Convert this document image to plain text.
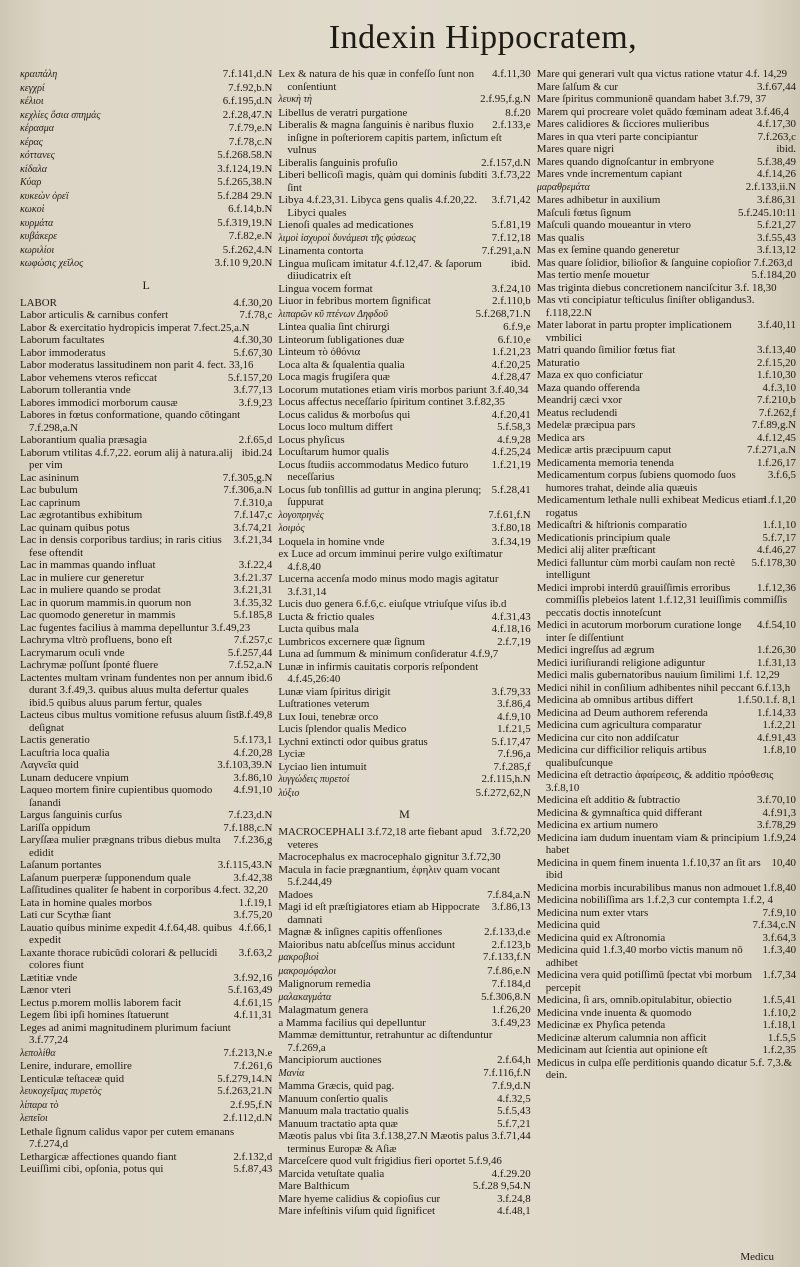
Indexin Hippocratem,
7.f.141,d.N
κραιπάλη
7.f.92,b.N
κεγχρί
6.f.195,d.N
κέλιοι
2.f.28,47.N
κεχλίες ὅσια σπημάς
7.f.79,e.N
κέρασμα
7.f.78,c.N
κέρας
5.f.268.58.N
κόττανες
3.f.124,19.N
κίδαλα
5.f.265,38.N
Κύαρ
5.f.284 29.N
κυκεὼν ὀρεϊ
6.f.14,b.N
κωκοὶ
5.f.319,19.N
κυρμάτα
7.f.82,e.N
κυβάκερε
5.f.262,4.N
κωριλίοι
3.f.10 9,20.N
κωφώσις χεῖλος
L
4.f.30,20
LABOR
7.f.78,c
Labor articulis & carnibus confert
Labor & exercitatio hydropicis imperat 7.fect.25,a.N
4.f.30,30
Laborum facultates
5.f.67,30
Labor immoderatus
Labor moderatus lassitudinem non parit 4. fect. 33,16
5.f.157,20
Labor vehemens vteros reficcat
3.f.77,13
Laborum tollerantia vnde
3.f.9,23
Labores immodici morborum causæ
Labores in fœtus conformatione, quando cōtingant 7.f.298,a.N
2.f.65,d
Laborantium qualia præsagia
ibid.24
Laborum vtilitas 4.f.7,22. eorum alij à natura.alij per vim
7.f.305,g.N
Lac asininum
7.f.306,a.N
Lac bubulum
7.f.310,a
Lac caprinum
7.f.147,c
Lac ægrotantibus exhibitum
3.f.74,21
Lac quinam quibus potus
3.f.21,34
Lac in densis corporibus tardius; in raris citius fese oftendit
3.f.22,4
Lac in mammas quando influat
3.f.21.37
Lac in muliere cur generetur
3.f.21,31
Lac in muliere quando se prodat
3.f.35,32
Lac in quorum mammis.in quorum non
5.f.185,8
Lac quomodo generetur in mammis
Lac fugentes facilius à mamma depelluntur 3.f.49,23
7.f.257,c
Lachryma vltrò profluens, bono eſt
5.f.257,44
Lacrymarum oculi vnde
7.f.52,a.N
Lachrymæ poſſunt ſponté fluere
ibid.6
Lactentes multam vrinam fundentes non per annum durant 3.f.49,3. quibus aluus multa defertur quales ibid.5 quibus aluus parum fertur, quales
3.f.49,8
Lacteus cibus multus vomitione refusus aluum ſisti deſignat
5.f.173,1
Lactis generatio
4.f.20,28
Lacuſtria loca qualia
3.f.103,39.N
Λαγνεῖα quid
3.f.86,10
Lunam deducere vnpium
4.f.91,10
Laqueo mortem finire cupientibus quomodo ſanandi
7.f.23,d.N
Largus ſanguinis curſus
7.f.188,c.N
Lariſſa oppidum
7.f.236,g
Laryſſæa mulier prægnans tribus diebus multa edidit
3.f.115,43.N
Laſanum portantes
3.f.42,38
Laſanum puerperæ ſupponendum quale
Laſſitudines qualiter ſe habent in corporibus 4.fect. 32,20
1.f.19,1
Lata in homine quales morbos
3.f.75,20
Lati cur Scythæ ſiant
4.f.66,1
Lauatio quibus minime expedit 4.f.64,48. quibus expedit
3.f.63,2
Laxante thorace rubicūdi colorari & pellucidi colores fiunt
3.f.92,16
Lætitiæ vnde
5.f.163,49
Lænor vteri
4.f.61,15
Lectus p.morem mollis laborem facit
4.f.11,31
Legem ſibi ipſi homines ſtatuerunt
Leges ad animi magnitudinem plurimum faciunt 3.f.77,24
7.f.213,N.e
λεπολίθα
7.f.261,6
Lenire, indurare, emollire
5.f.279,14.N
Lenticulæ teſtaceæ quid
5.f.263,21.N
λευκοχεῖμας πυρετὸς
2.f.95,f.N
λίπαρα τὸ
2.f.112,d.N
λεπεῖοι
Lethale ſignum calidus vapor per cutem emanans 7.f.274,d
2.f.132,d
Lethargicæ affectiones quando fiant
5.f.87,43
Leuiſſimi cibi, opſonia, potus qui
4.f.11,30
Lex & natura de his quæ in confeſſo ſunt non conſentiunt
2.f.95,f.g.N
λευκὴ τὴ
8.f.20
Libellus de veratri purgatione
2.f.133,e
Liberalis & magna ſanguinis è naribus fluxio inſigne in poſteriorem capitis partem, inſictum eſt vulnus
2.f.157,d.N
Liberalis ſanguinis profuſio
3.f.73,22
Liberi bellicoſi magis, quàm qui dominis ſubditi ſint
3.f.71,42
Libya 4.f.23,31. Libyca gens qualis 4.f.20,22. Libyci quales
5.f.81,19
Lienoſi quales ad medicationes
7.f.12,18
λιμοὶ ἰσχυροὶ δυνάμεσι τῆς φύσεως
7.f.291,a.N
Linamenta contorta
ibid.
Lingua muſicam imitatur 4.f.12,47. & ſaporum diiudicatrix eſt
3.f.24,10
Lingua vocem format
2.f.110,b
Liuor in febribus mortem ſignificat
5.f.268,71.N
λιπαρῶν κῦ πτένων Δηφδοῦ
6.f.9,e
Lintea qualia ſint chirurgi
6.f.10,e
Linteorum ſubligationes duæ
1.f.21,23
Linteum τὸ ὀθόνια
4.f.20,25
Loca alta & ſqualentia qualia
4.f.28,47
Loca magis frugiſera quæ
Locorum mutationes etiam viris morbos pariunt 3.f.40,34
Locus affectus neceſſario ſpiritum continet 3.f.82,35
4.f.20,41
Locus calidus & morboſus qui
5.f.58,3
Locus loco multum differt
4.f.9,28
Locus phyſicus
4.f.25,24
Locuſtarum humor qualis
1.f.21,19
Locus ſtudiis accommodatus Medico futuro neceſſarius
5.f.28,41
Locus ſub tonſillis ad guttur in angina plerunq; ſuppurat
7.f.61,f.N
λογοπρηνὲς
3.f.80,18
λοιμὸς
3.f.34,19
Loquela in homine vnde
ex Luce ad orcum imminui perire vulgo exiſtimatur 4.f.8,40
Lucerna accenſa modo minus modo magis agitatur 3.f.31,14
Lucis duo genera 6.f.6,c. eiuſque vtriuſque viſus ib.d
4.f.31,43
Lucta & frictio quales
4.f.18,16
Lucta quibus mala
2.f.7,19
Lumbricos excernere quæ ſignum
Luna ad ſummum & minimum conſideratur 4.f.9,7
Lunæ in infirmis cauitatis corporis reſpondent 4.f.45,26:40
3.f.79,33
Lunæ viam ſpiritus dirigit
3.f.86,4
Luſtrationes veterum
4.f.9,10
Lux Ioui, tenebræ orco
1.f.21,5
Lucis ſplendor qualis Medico
5.f.17,47
Lychni extincti odor quibus gratus
7.f.96,a
Lyciæ
7.f.285,f
Lyciao lien intumuit
2.f.115,h.N
λυγγώδεις πυρετοί
5.f.272,62,N
λύξιο
M
3.f.72,20
MACROCEPHALI 3.f.72,18 arte fiebant apud veteres
Macrocephalus ex macrocephalo gignitur 3.f.72,30
Macula in facie prægnantium, ἐφηλιν quam vocant 5.f.244,49
7.f.84,a.N
Madoes
3.f.86,13
Magi id eſt præſtigiatores etiam ab Hippocrate damnati
2.f.133,d.e
Magnæ & inſignes capitis offenſiones
2.f.123,b
Maioribus natu abſceſſus minus accidunt
7.f.133,f.N
μακροβιοὶ
7.f.86,e.N
μακρομόφαλοι
7.f.184,d
Malignorum remedia
5.f.306,8.N
μαλακαγμάτα
1.f.26,20
Malagmatum genera
3.f.49,23
a Mamma facilius qui depelluntur
Mammæ demittuntur, retrahuntur ac diſtenduntur 7.f.269,a
2.f.64,h
Mancipiorum auctiones
7.f.116,f.N
Μανία
7.f.9,d.N
Mamma Græcis, quid pag.
4.f.32,5
Manuum conſertio qualis
5.f.5,43
Manuum mala tractatio qualis
5.f.7,21
Manuum tractatio apta quæ
3.f.71,44
Mæotis palus vbi ſita 3.f.138,27.N Mæotis palus terminus Europæ & Aſiæ
Marceſcere quod vult frigidius fieri oportet 5.f.9,46
4.f.29.20
Marcida vetuſtate qualia
5.f.28 9,54.N
Mare Balthicum
3.f.24,8
Mare hyeme calidius & copioſius cur
4.f.48,1
Mare infeſtinis viſum quid ſignificet
Mare qui generari vult qua victus ratione vtatur 4.f. 14,29
3.f.67,44
Mare ſalſum & cur
Mare ſpiritus communionē quandam habet 3.f.79, 37
Marem qui procreare volet quādo fœminam adeat 3.f.46,4
4.f.17,30
Mares calidiores & ſicciores mulieribus
7.f.263,c
Mares in qua vteri parte concipiantur
ibid.
Mares quare nigri
5.f.38,49
Mares quando dignoſcantur in embryone
4.f.14,26
Mares vnde incrementum capiant
2.f.133,ii.N
μαραθρεμάτα
3.f.86,31
Mares adhibetur in auxilium
5.f.245.10:11
Maſculi fœtus ſignum
5.f.21,27
Maſculi quando moueantur in vtero
3.f.55,43
Mas qualis
3.f.13,12
Mas ex ſemine quando generetur
Mas quare ſolidior, bilioſior & ſanguine copioſior 7.f.263,d
5.f.184,20
Mas tertio menſe mouetur
Mas triginta diebus concretionem nanciſcitur 3.f. 18,30
Mas vti concipiatur teſticulus ſiniſter obligandus3. f.118,22.N
3.f.40,11
Mater laborat in partu propter implicationem vmbilici
3.f.13,40
Matri quando ſimilior fœtus fiat
2.f.15,20
Maturatio
1.f.10,30
Maza ex quo conficiatur
4.f.3,10
Maza quando offerenda
7.f.210,b
Meandrij cæci vxor
7.f.262,f
Meatus recludendi
7.f.89,g.N
Medelæ præcipua pars
4.f.12,45
Medica ars
7.f.271,a.N
Medicæ artis præcipuum caput
1.f.26,17
Medicamenta memoria tenenda
3.f.6,5
Medicamentum corpus ſubiens quomodo ſuos humores trahat, deinde alia quæuis
1.f.1,20
Medicamentum lethale nulli exhibeat Medicus etiam rogatus
1.f.1,10
Medicaſtri & hiſtrionis comparatio
5.f.7,17
Medicationis principium quale
4.f.46,27
Medici alij aliter præſticant
5.f.178,30
Medici falluntur cùm morbi cauſam non rectè intelligunt
1.f.12,36
Medici improbi interdū grauiſſimis erroribus commiſſis plebeios latent 1.f.12,31 leuiſſimis commiſſis peccatis doctis innoteſcunt
4.f.54,10
Medici in acutorum morborum curatione longe inter ſe diſſentiunt
1.f.26,30
Medici ingreſſus ad ægrum
1.f.31,13
Medici iuriſiurandi religione adiguntur
Medici malis gubernatoribus nauium ſimilimi 1.f. 12,29
Medici nihil in conſilium adhibentes nihil peccant 6.f.13,h
1.f.50.1.f. 8,1
Medicina ab omnibus artibus differt
1.f.14,33
Medicina ad Deum authorem referenda
1.f.2,21
Medicina cum agricultura comparatur
4.f.91,43
Medicina cur cito non addiſcatur
1.f.8,10
Medicina cur difficilior reliquis artibus qualibuſcunque
Medicina eſt detractio ἀφαίρεσις, & additio πρόσθεσις 3.f.8,10
3.f.70,10
Medicina eſt additio & ſubtractio
4.f.91,3
Medicina & gymnaſtica quid differant
3.f.78,29
Medicina ex artium numero
1.f.9,24
Medicina iam dudum inuentam viam & principium habet
10,40
Medicina in quem finem inuenta 1.f.10,37 an ſit ars ibid
1.f.8,40
Medicina morbis incurabilibus manus non admouet
Medicina nobiliſſima ars 1.f.2,3 cur contempta 1.f.2, 4
7.f.9,10
Medicina num exter vtars
7.f.34,c.N
Medicina quid
3.f.64,3
Medicina quid ex Aſtronomia
1.f.3,40
Medicina quid 1.f.3,40 morbo victis manum nō adhibet
1.f.7,34
Medicina vera quid potiſſimū ſpectat vbi morbum percepit
1.f.5,41
Medicina, ſi ars, omnib.opitulabitur, obiectio
1.f.10,2
Medicina vnde inuenta & quomodo
1.f.18,1
Medicinæ ex Phyſica petenda
1.f.5,5
Medicinæ alterum calumnia non afficit
1.f.2,35
Medicinam aut ſcientia aut opinione eſt
Medicus in culpa eſſe perditionis quando dicatur 5.f. 7,3.& dein.
Medicu
